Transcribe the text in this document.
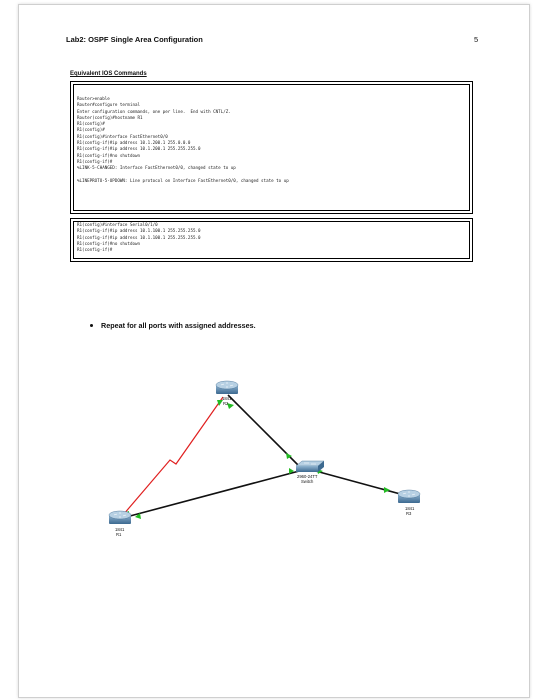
Lab2: OSPF Single Area Configuration	5
Equivalent IOS Commands
Router>enable
Router#configure terminal
Enter configuration commands, one per line.  End with CNTL/Z.
Router(config)#hostname R1
R1(config)#
R1(config)#
R1(config)#interface FastEthernet0/0
R1(config-if)#ip address 10.1.200.1 255.0.0.0
R1(config-if)#ip address 10.1.200.1 255.255.255.0
R1(config-if)#no shutdown
R1(config-if)#
%LINK-5-CHANGED: Interface FastEthernet0/0, changed state to up
%LINEPROTO-5-UPDOWN: Line protocol on Interface FastEthernet0/0, changed state to up
R1(config)#interface Serial0/1/0
R1(config-if)#ip address 10.1.100.1 255.255.255.0
R1(config-if)#ip address 10.1.100.1 255.255.255.0
R1(config-if)#no shutdown
R1(config-if)#
Repeat for all ports with assigned addresses.
1841
R2
2960-24TT
Switch
1841
R3
1841
R1
